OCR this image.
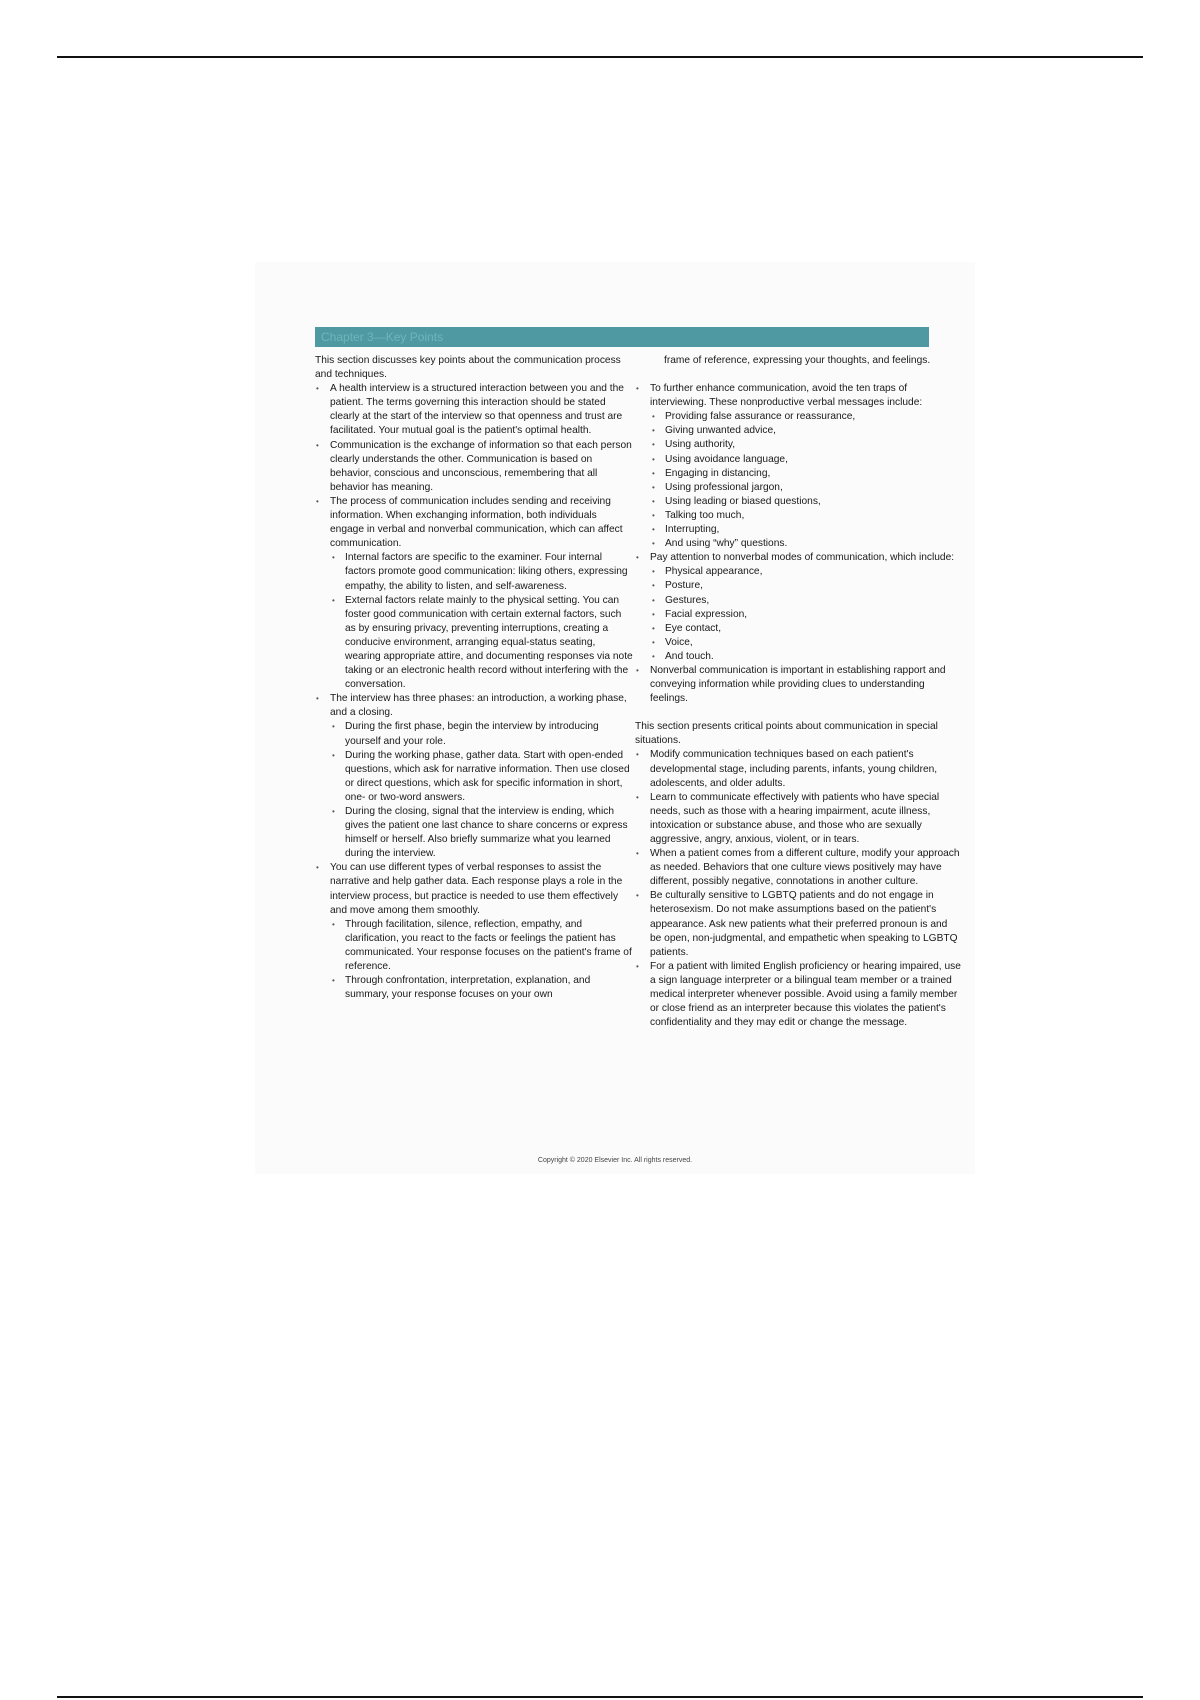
Chapter 3—Key Points

This section discusses key points about the communication process and techniques.

• A health interview is a structured interaction between you and the patient. The terms governing this interaction should be stated clearly at the start of the interview so that openness and trust are facilitated. Your mutual goal is the patient's optimal health.
• Communication is the exchange of information so that each person clearly understands the other. Communication is based on behavior, conscious and unconscious, remembering that all behavior has meaning.
• The process of communication includes sending and receiving information. When exchanging information, both individuals engage in verbal and nonverbal communication, which can affect communication.
• Internal factors are specific to the examiner. Four internal factors promote good communication: liking others, expressing empathy, the ability to listen, and self-awareness.
• External factors relate mainly to the physical setting. You can foster good communication with certain external factors, such as by ensuring privacy, preventing interruptions, creating a conducive environment, arranging equal-status seating, wearing appropriate attire, and documenting responses via note taking or an electronic health record without interfering with the conversation.
• The interview has three phases: an introduction, a working phase, and a closing.
• During the first phase, begin the interview by introducing yourself and your role.
• During the working phase, gather data. Start with open-ended questions, which ask for narrative information. Then use closed or direct questions, which ask for specific information in short, one- or two-word answers.
• During the closing, signal that the interview is ending, which gives the patient one last chance to share concerns or express himself or herself. Also briefly summarize what you learned during the interview.
• You can use different types of verbal responses to assist the narrative and help gather data. Each response plays a role in the interview process, but practice is needed to use them effectively and move among them smoothly.
• Through facilitation, silence, reflection, empathy, and clarification, you react to the facts or feelings the patient has communicated. Your response focuses on the patient's frame of reference.
• Through confrontation, interpretation, explanation, and summary, your response focuses on your own

frame of reference, expressing your thoughts, and feelings.

• To further enhance communication, avoid the ten traps of interviewing. These nonproductive verbal messages include:
• Providing false assurance or reassurance,
• Giving unwanted advice,
• Using authority,
• Using avoidance language,
• Engaging in distancing,
• Using professional jargon,
• Using leading or biased questions,
• Talking too much,
• Interrupting,
• And using “why” questions.
• Pay attention to nonverbal modes of communication, which include:
• Physical appearance,
• Posture,
• Gestures,
• Facial expression,
• Eye contact,
• Voice,
• And touch.
• Nonverbal communication is important in establishing rapport and conveying information while providing clues to understanding feelings.

This section presents critical points about communication in special situations.

• Modify communication techniques based on each patient's developmental stage, including parents, infants, young children, adolescents, and older adults.
• Learn to communicate effectively with patients who have special needs, such as those with a hearing impairment, acute illness, intoxication or substance abuse, and those who are sexually aggressive, angry, anxious, violent, or in tears.
• When a patient comes from a different culture, modify your approach as needed. Behaviors that one culture views positively may have different, possibly negative, connotations in another culture.
• Be culturally sensitive to LGBTQ patients and do not engage in heterosexism. Do not make assumptions based on the patient's appearance. Ask new patients what their preferred pronoun is and be open, non-judgmental, and empathetic when speaking to LGBTQ patients.
• For a patient with limited English proficiency or hearing impaired, use a sign language interpreter or a bilingual team member or a trained medical interpreter whenever possible. Avoid using a family member or close friend as an interpreter because this violates the patient's confidentiality and they may edit or change the message.
Copyright © 2020 Elsevier Inc. All rights reserved.
